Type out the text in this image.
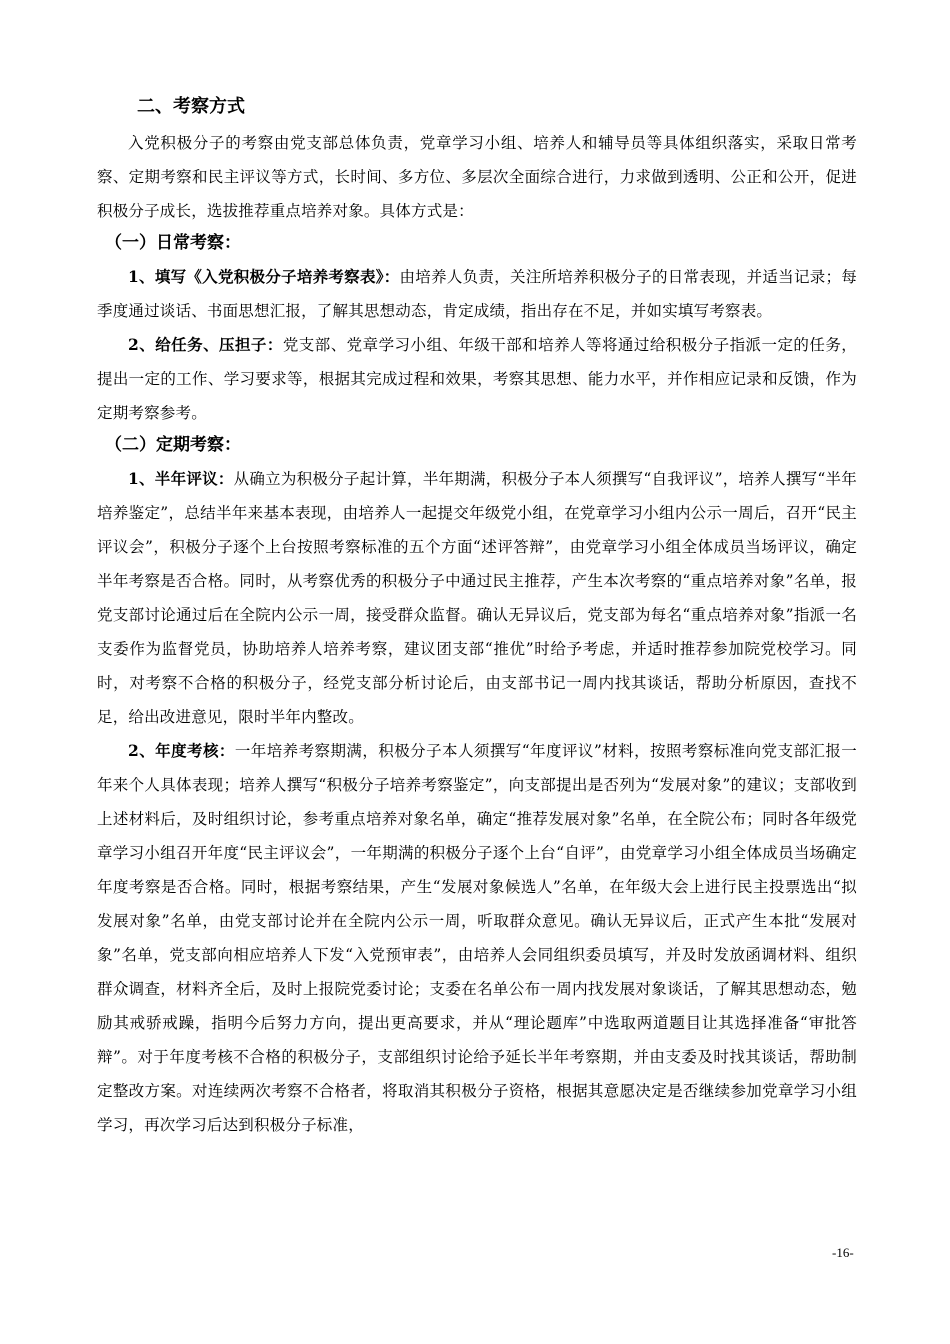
二、考察方式

入党积极分子的考察由党支部总体负责，党章学习小组、培养人和辅导员等具体组织落实，采取日常考察、定期考察和民主评议等方式，长时间、多方位、多层次全面综合进行，力求做到透明、公正和公开，促进积极分子成长，选拔推荐重点培养对象。具体方式是：

（一）日常考察：

1、填写《入党积极分子培养考察表》：由培养人负责，关注所培养积极分子的日常表现，并适当记录；每季度通过谈话、书面思想汇报，了解其思想动态，肯定成绩，指出存在不足，并如实填写考察表。

2、给任务、压担子：党支部、党章学习小组、年级干部和培养人等将通过给积极分子指派一定的任务，提出一定的工作、学习要求等，根据其完成过程和效果，考察其思想、能力水平，并作相应记录和反馈，作为定期考察参考。

（二）定期考察：

1、半年评议：从确立为积极分子起计算，半年期满，积极分子本人须撰写“自我评议”，培养人撰写“半年培养鉴定”，总结半年来基本表现，由培养人一起提交年级党小组，在党章学习小组内公示一周后，召开“民主评议会”，积极分子逐个上台按照考察标准的五个方面“述评答辩”，由党章学习小组全体成员当场评议，确定半年考察是否合格。同时，从考察优秀的积极分子中通过民主推荐，产生本次考察的“重点培养对象”名单，报党支部讨论通过后在全院内公示一周，接受群众监督。确认无异议后，党支部为每名“重点培养对象”指派一名支委作为监督党员，协助培养人培养考察，建议团支部“推优”时给予考虑，并适时推荐参加院党校学习。同时，对考察不合格的积极分子，经党支部分析讨论后，由支部书记一周内找其谈话，帮助分析原因，查找不足，给出改进意见，限时半年内整改。

2、年度考核：一年培养考察期满，积极分子本人须撰写“年度评议”材料，按照考察标准向党支部汇报一年来个人具体表现；培养人撰写“积极分子培养考察鉴定”，向支部提出是否列为“发展对象”的建议；支部收到上述材料后，及时组织讨论，参考重点培养对象名单，确定“推荐发展对象”名单，在全院公布；同时各年级党章学习小组召开年度“民主评议会”，一年期满的积极分子逐个上台“自评”，由党章学习小组全体成员当场确定年度考察是否合格。同时，根据考察结果，产生“发展对象候选人”名单，在年级大会上进行民主投票选出“拟发展对象”名单，由党支部讨论并在全院内公示一周，听取群众意见。确认无异议后，正式产生本批“发展对象”名单，党支部向相应培养人下发“入党预审表”，由培养人会同组织委员填写，并及时发放函调材料、组织群众调查，材料齐全后，及时上报院党委讨论；支委在名单公布一周内找发展对象谈话，了解其思想动态，勉励其戒骄戒躁，指明今后努力方向，提出更高要求，并从“理论题库”中选取两道题目让其选择准备“审批答辩”。对于年度考核不合格的积极分子，支部组织讨论给予延长半年考察期，并由支委及时找其谈话，帮助制定整改方案。对连续两次考察不合格者，将取消其积极分子资格，根据其意愿决定是否继续参加党章学习小组学习，再次学习后达到积极分子标准，

-16-
